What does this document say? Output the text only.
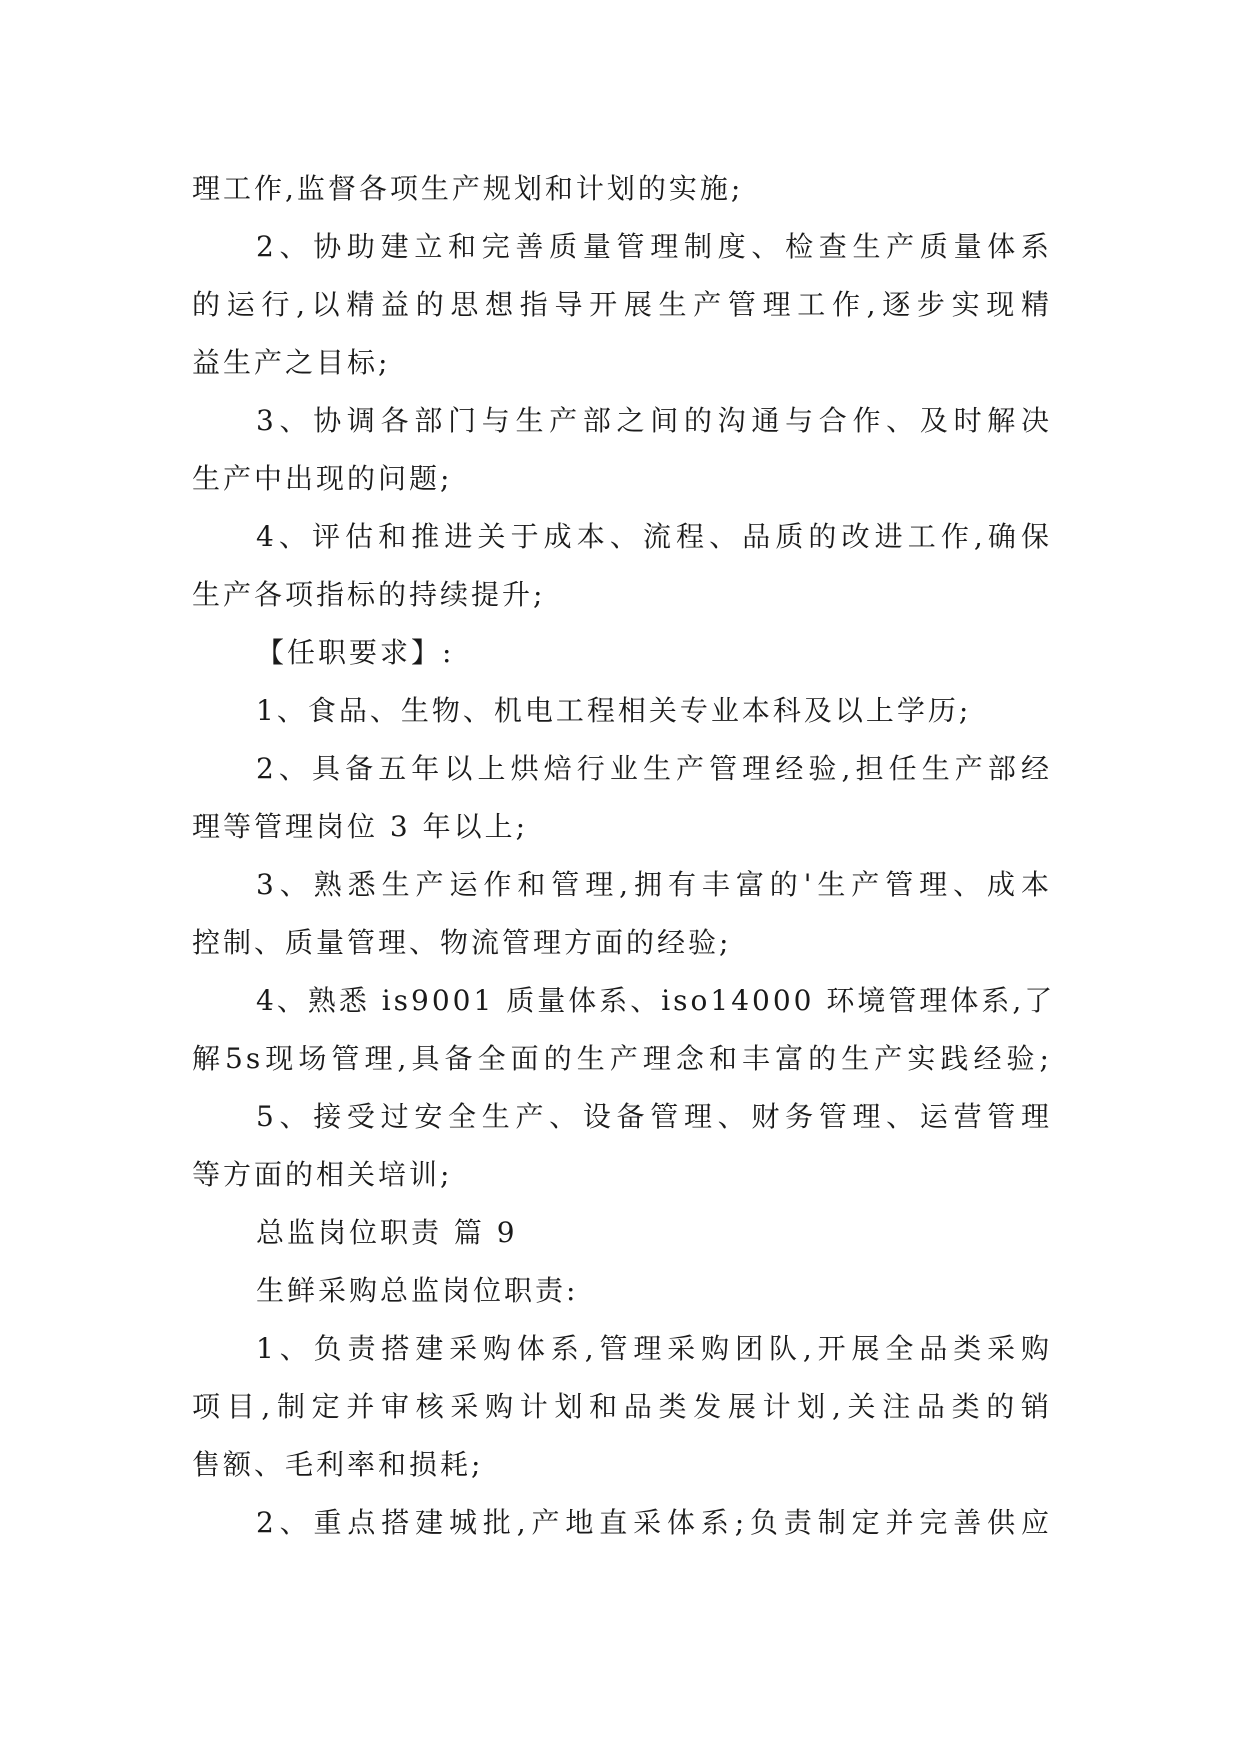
理工作,监督各项生产规划和计划的实施;
2、协助建立和完善质量管理制度、检查生产质量体系
的运行,以精益的思想指导开展生产管理工作,逐步实现精
益生产之目标;
3、协调各部门与生产部之间的沟通与合作、及时解决
生产中出现的问题;
4、评估和推进关于成本、流程、品质的改进工作,确保
生产各项指标的持续提升;
【任职要求】:
1、食品、生物、机电工程相关专业本科及以上学历;
2、具备五年以上烘焙行业生产管理经验,担任生产部经
理等管理岗位 3 年以上;
3、熟悉生产运作和管理,拥有丰富的'生产管理、成本
控制、质量管理、物流管理方面的经验;
4、熟悉 is9001 质量体系、iso14000 环境管理体系,了
解5s现场管理,具备全面的生产理念和丰富的生产实践经验;
5、接受过安全生产、设备管理、财务管理、运营管理
等方面的相关培训;
总监岗位职责 篇 9
生鲜采购总监岗位职责:
1、负责搭建采购体系,管理采购团队,开展全品类采购
项目,制定并审核采购计划和品类发展计划,关注品类的销
售额、毛利率和损耗;
2、重点搭建城批,产地直采体系;负责制定并完善供应
